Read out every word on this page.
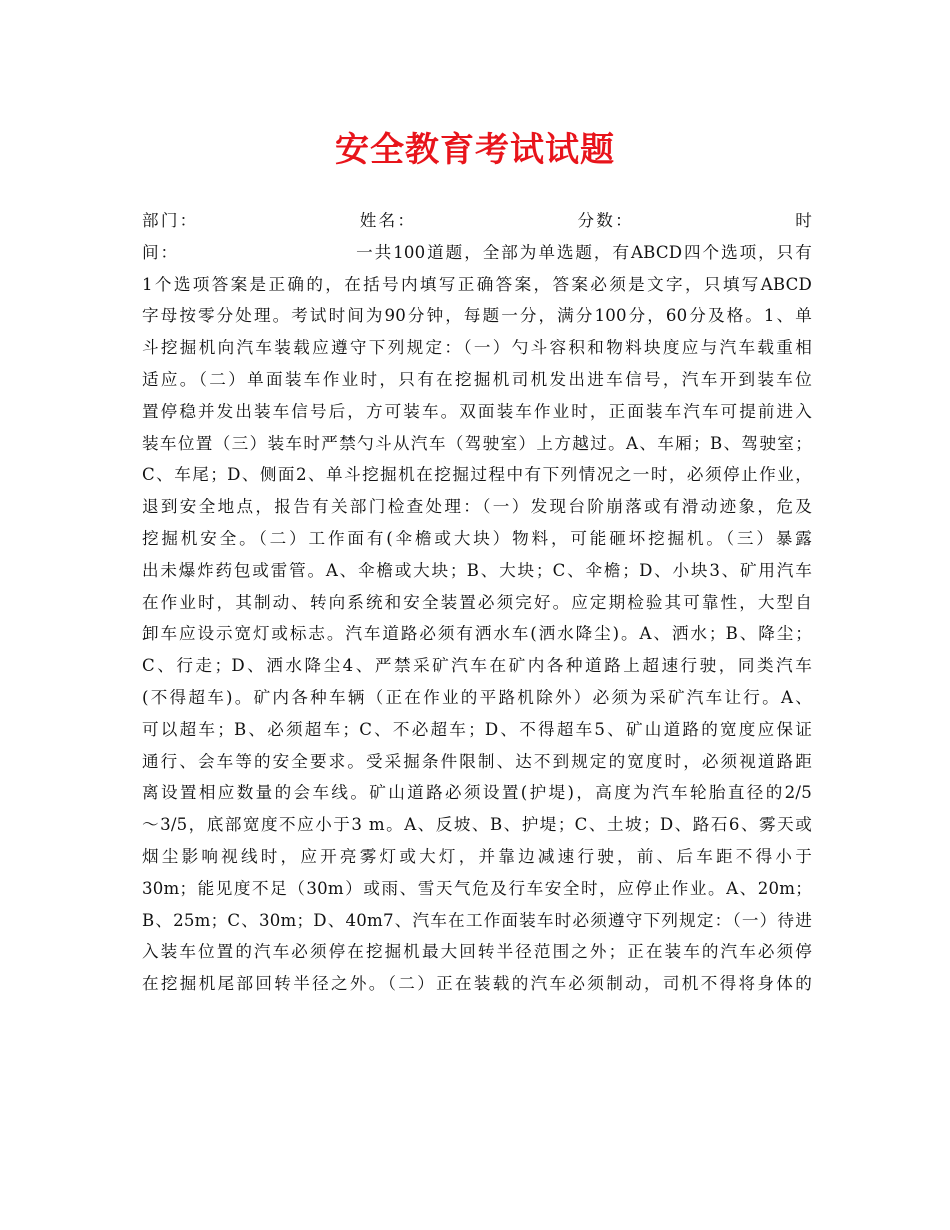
安全教育考试试题
部门：　　　　　　　　　姓名：　　　　　　　　　分数：　　　　　　　　　时
间：　　　　　　　　　　一共100道题，全部为单选题，有ABCD四个选项，只有
1个选项答案是正确的，在括号内填写正确答案，答案必须是文字，只填写ABCD
字母按零分处理。考试时间为90分钟，每题一分，满分100分，60分及格。1、单
斗挖掘机向汽车装载应遵守下列规定：（一）勺斗容积和物料块度应与汽车载重相
适应。（二）单面装车作业时，只有在挖掘机司机发出进车信号，汽车开到装车位
置停稳并发出装车信号后，方可装车。双面装车作业时，正面装车汽车可提前进入
装车位置（三）装车时严禁勺斗从汽车（驾驶室）上方越过。A、车厢；B、驾驶室；
C、车尾；D、侧面2、单斗挖掘机在挖掘过程中有下列情况之一时，必须停止作业，
退到安全地点，报告有关部门检查处理：（一）发现台阶崩落或有滑动迹象，危及
挖掘机安全。（二）工作面有(伞檐或大块）物料，可能砸坏挖掘机。（三）暴露
出未爆炸药包或雷管。A、伞檐或大块；B、大块；C、伞檐；D、小块3、矿用汽车
在作业时，其制动、转向系统和安全装置必须完好。应定期检验其可靠性，大型自
卸车应设示宽灯或标志。汽车道路必须有洒水车(洒水降尘)。A、洒水；B、降尘；
C、行走；D、洒水降尘4、严禁采矿汽车在矿内各种道路上超速行驶，同类汽车
(不得超车)。矿内各种车辆（正在作业的平路机除外）必须为采矿汽车让行。A、
可以超车；B、必须超车；C、不必超车；D、不得超车5、矿山道路的宽度应保证
通行、会车等的安全要求。受采掘条件限制、达不到规定的宽度时，必须视道路距
离设置相应数量的会车线。矿山道路必须设置(护堤)，高度为汽车轮胎直径的2/5
～3/5，底部宽度不应小于3 m。A、反坡、B、护堤；C、土坡；D、路石6、雾天或
烟尘影响视线时，应开亮雾灯或大灯，并靠边减速行驶，前、后车距不得小于
30m；能见度不足（30m）或雨、雪天气危及行车安全时，应停止作业。A、20m；
B、25m；C、30m；D、40m7、汽车在工作面装车时必须遵守下列规定：（一）待进
入装车位置的汽车必须停在挖掘机最大回转半径范围之外；正在装车的汽车必须停
在挖掘机尾部回转半径之外。（二）正在装载的汽车必须制动，司机不得将身体的
